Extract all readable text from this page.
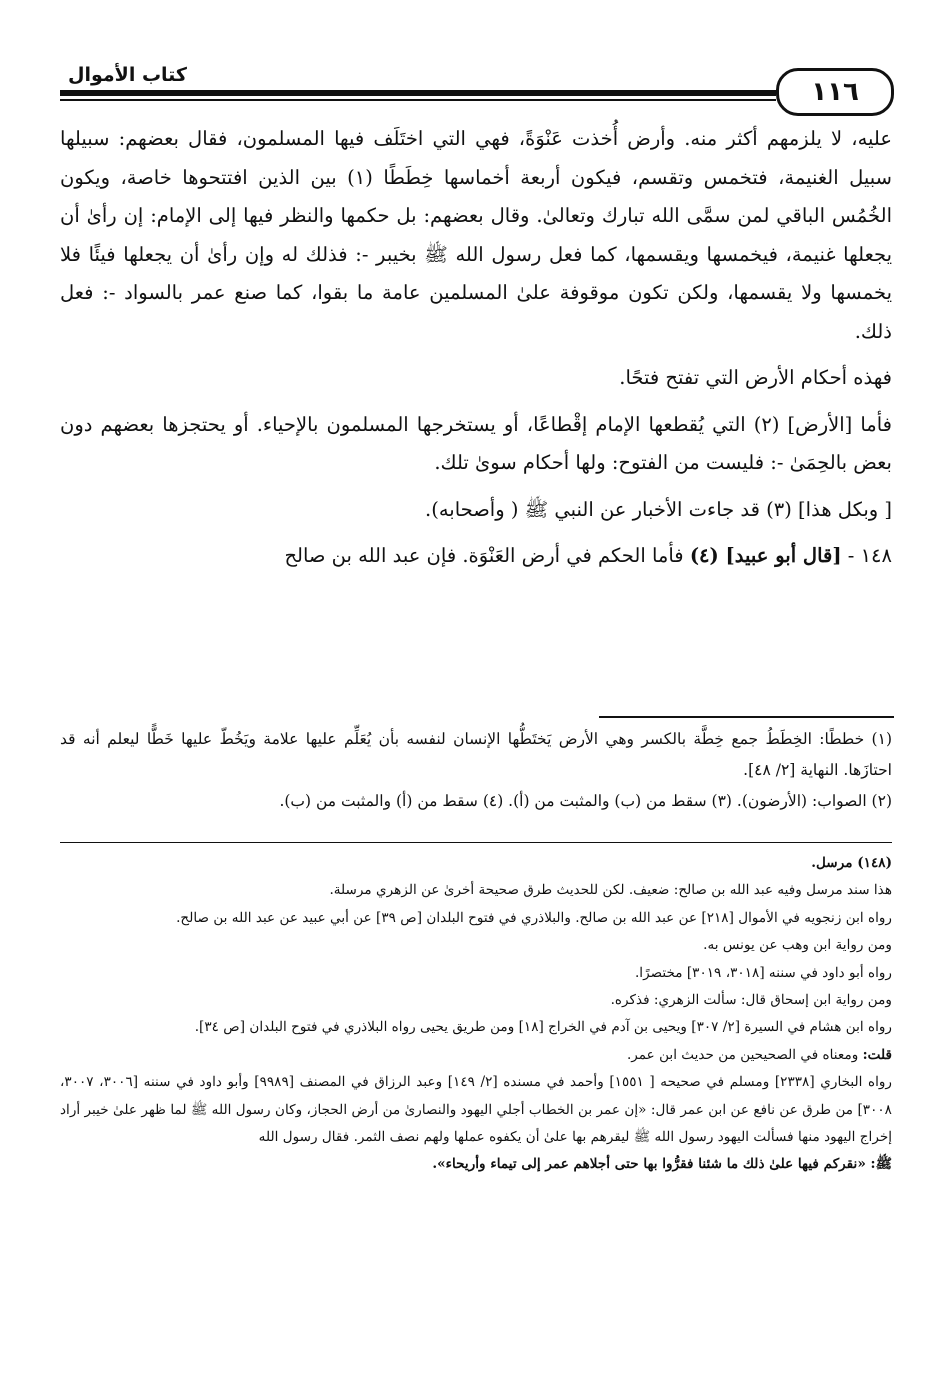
١١٦
كتاب الأموال

عليه، لا يلزمهم أكثر منه. وأرض أُخذت عَنْوَةً، فهي التي اختَلَف فيها المسلمون، فقال بعضهم: سبيلها سبيل الغنيمة، فتخمس وتقسم، فيكون أربعة أخماسها خِطَطًا (١) بين الذين افتتحوها خاصة، ويكون الخُمُس الباقي لمن سمَّى الله تبارك وتعالىٰ. وقال بعضهم: بل حكمها والنظر فيها إلى الإمام: إن رأىٰ أن يجعلها غنيمة، فيخمسها ويقسمها، كما فعل رسول الله ﷺ بخيبر -: فذلك له وإن رأىٰ أن يجعلها فيئًا فلا يخمسها ولا يقسمها، ولكن تكون موقوفة علىٰ المسلمين عامة ما بقوا، كما صنع عمر بالسواد -: فعل ذلك.

فهذه أحكام الأرض التي تفتح فتحًا.

فأما [الأرض] (٢) التي يُقطعها الإمام إقْطاعًا، أو يستخرجها المسلمون بالإحياء. أو يحتجزها بعضهم دون بعض بالحِمَىٰ -: فليست من الفتوح: ولها أحكام سوىٰ تلك.

[ وبكل هذا] (٣) قد جاءت الأخبار عن النبي ﷺ ( وأصحابه).

١٤٨ - [قال أبو عبيد] (٤) فأما الحكم في أرض العَنْوَة. فإن عبد الله بن صالح

(١) خططًا: الخِطَطُ جمع خِطَّة بالكسر وهي الأرض يَختَطُّها الإنسان لنفسه بأن يُعَلِّم عليها علامة ويَخُطّ عليها خَطًّا ليعلم أنه قد احتازَها. النهاية [٢/ ٤٨].

(٢) الصواب: (الأرضون). (٣) سقط من (ب) والمثبت من (أ). (٤) سقط من (أ) والمثبت من (ب).

(١٤٨) مرسل.

هذا سند مرسل وفيه عبد الله بن صالح: ضعيف. لكن للحديث طرق صحيحة أخرىٰ عن الزهري مرسلة.

رواه ابن زنجويه في الأموال [٢١٨] عن عبد الله بن صالح. والبلاذري في فتوح البلدان [ص ٣٩] عن أبي عبيد عن عبد الله بن صالح.

ومن رواية ابن وهب عن يونس به.

رواه أبو داود في سننه [٣٠١٨، ٣٠١٩] مختصرًا.

ومن رواية ابن إسحاق قال: سألت الزهري: فذكره.

رواه ابن هشام في السيرة [٢/ ٣٠٧] ويحيى بن آدم في الخراج [١٨] ومن طريق يحيى رواه البلاذري في فتوح البلدان [ص ٣٤].

قلت: ومعناه في الصحيحين من حديث ابن عمر.

رواه البخاري [٢٣٣٨] ومسلم في صحيحه [ ١٥٥١] وأحمد في مسنده [٢/ ١٤٩] وعبد الرزاق في المصنف [٩٩٨٩] وأبو داود في سننه [٣٠٠٦، ٣٠٠٧، ٣٠٠٨] من طرق عن نافع عن ابن عمر قال: «إن عمر بن الخطاب أجلي اليهود والنصارىٰ من أرض الحجاز، وكان رسول الله ﷺ لما ظهر علىٰ خيبر أراد إخراج اليهود منها فسألت اليهود رسول الله ﷺ ليقرهم بها علىٰ أن يكفوه عملها ولهم نصف الثمر. فقال رسول الله

ﷺ: «نقركم فيها علىٰ ذلك ما شئنا فقرُّوا بها حتى أجلاهم عمر إلى تيماء وأريحاء».
